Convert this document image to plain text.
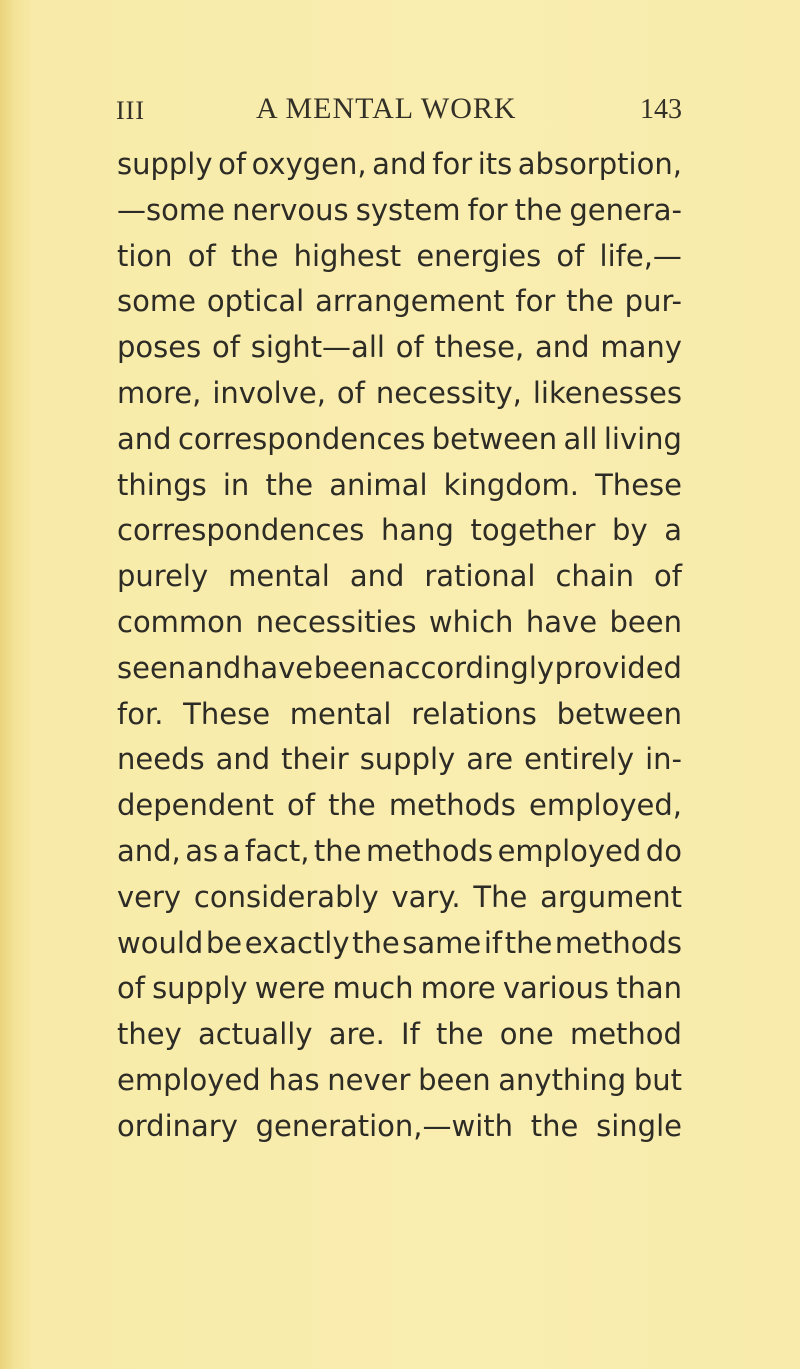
III	A MENTAL WORK	143
supply of oxygen, and for its absorption,
—some nervous system for the genera-
tion of the highest energies of life,—
some optical arrangement for the pur-
poses of sight—all of these, and many
more, involve, of necessity, likenesses
and correspondences between all living
things in the animal kingdom. These
correspondences hang together by a
purely mental and rational chain of
common necessities which have been
seen and have been accordingly provided
for. These mental relations between
needs and their supply are entirely in-
dependent of the methods employed,
and, as a fact, the methods employed do
very considerably vary. The argument
would be exactly the same if the methods
of supply were much more various than
they actually are. If the one method
employed has never been anything but
ordinary generation,—with the single
